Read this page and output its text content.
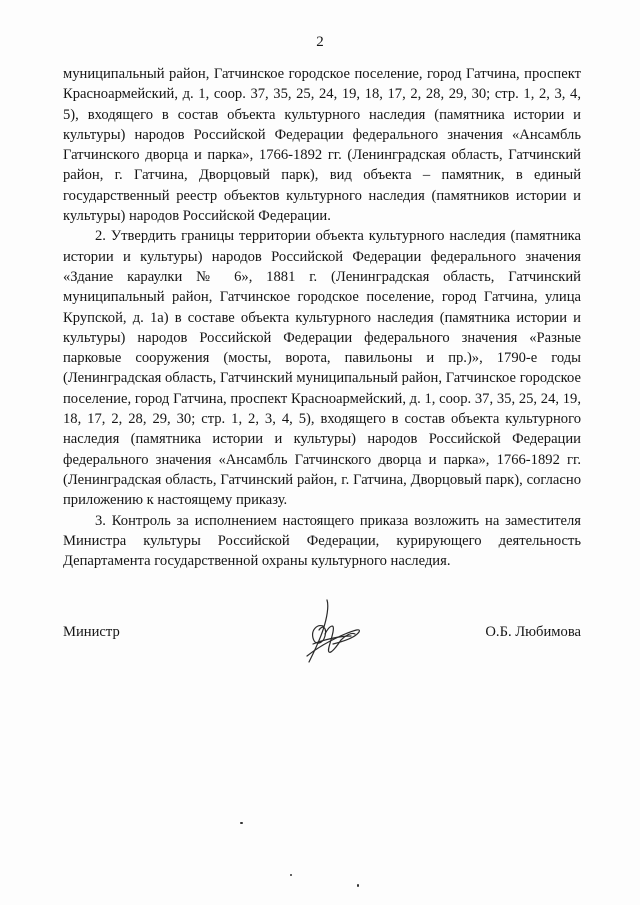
2

муниципальный район, Гатчинское городское поселение, город Гатчина, проспект Красноармейский, д. 1, соор. 37, 35, 25, 24, 19, 18, 17, 2, 28, 29, 30; стр. 1, 2, 3, 4, 5), входящего в состав объекта культурного наследия (памятника истории и культуры) народов Российской Федерации федерального значения «Ансамбль Гатчинского дворца и парка», 1766-1892 гг. (Ленинградская область, Гатчинский район, г. Гатчина, Дворцовый парк), вид объекта – памятник, в единый государственный реестр объектов культурного наследия (памятников истории и культуры) народов Российской Федерации.

2. Утвердить границы территории объекта культурного наследия (памятника истории и культуры) народов Российской Федерации федерального значения «Здание караулки № 6», 1881 г. (Ленинградская область, Гатчинский муниципальный район, Гатчинское городское поселение, город Гатчина, улица Крупской, д. 1а) в составе объекта культурного наследия (памятника истории и культуры) народов Российской Федерации федерального значения «Разные парковые сооружения (мосты, ворота, павильоны и пр.)», 1790-е годы (Ленинградская область, Гатчинский муниципальный район, Гатчинское городское поселение, город Гатчина, проспект Красноармейский, д. 1, соор. 37, 35, 25, 24, 19, 18, 17, 2, 28, 29, 30; стр. 1, 2, 3, 4, 5), входящего в состав объекта культурного наследия (памятника истории и культуры) народов Российской Федерации федерального значения «Ансамбль Гатчинского дворца и парка», 1766-1892 гг. (Ленинградская область, Гатчинский район, г. Гатчина, Дворцовый парк), согласно приложению к настоящему приказу.

3. Контроль за исполнением настоящего приказа возложить на заместителя Министра культуры Российской Федерации, курирующего деятельность Департамента государственной охраны культурного наследия.

Министр	О.Б. Любимова
